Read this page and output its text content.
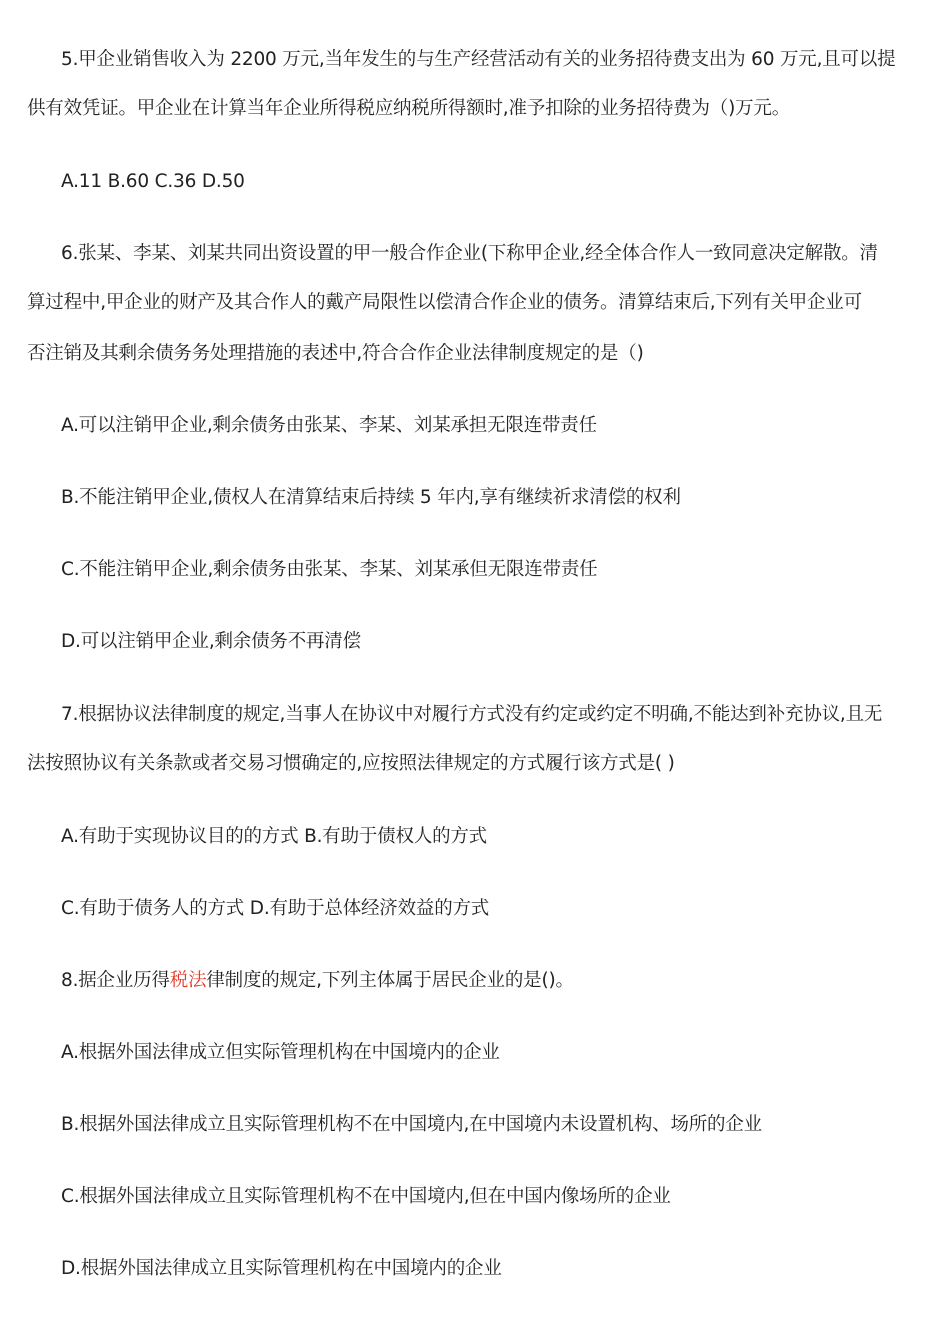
5.甲企业销售收入为 2200 万元,当年发生的与生产经营活动有关的业务招待费支出为 60 万元,且可以提
供有效凭证。甲企业在计算当年企业所得税应纳税所得额时,准予扣除的业务招待费为（)万元。
A.11 B.60 C.36 D.50
6.张某、李某、刘某共同出资设置的甲一般合作企业(下称甲企业,经全体合作人一致同意决定解散。清
算过程中,甲企业的财产及其合作人的戴产局限性以偿清合作企业的债务。清算结束后,下列有关甲企业可
否注销及其剩余债务务处理措施的表述中,符合合作企业法律制度规定的是（)
A.可以注销甲企业,剩余债务由张某、李某、刘某承担无限连带责任
B.不能注销甲企业,债权人在清算结束后持续 5 年内,享有继续祈求清偿的权利
C.不能注销甲企业,剩余债务由张某、李某、刘某承但无限连带责任
D.可以注销甲企业,剩余债务不再清偿
7.根据协议法律制度的规定,当事人在协议中对履行方式没有约定或约定不明确,不能达到补充协议,且无
法按照协议有关条款或者交易习惯确定的,应按照法律规定的方式履行该方式是( )
A.有助于实现协议目的的方式 B.有助于债权人的方式
C.有助于债务人的方式 D.有助于总体经济效益的方式
8.据企业历得税法律制度的规定,下列主体属于居民企业的是()。
A.根据外国法律成立但实际管理机构在中国境内的企业
B.根据外国法律成立且实际管理机构不在中国境内,在中国境内未设置机构、场所的企业
C.根据外国法律成立且实际管理机构不在中国境内,但在中国内像场所的企业
D.根据外国法律成立且实际管理机构在中国境内的企业
